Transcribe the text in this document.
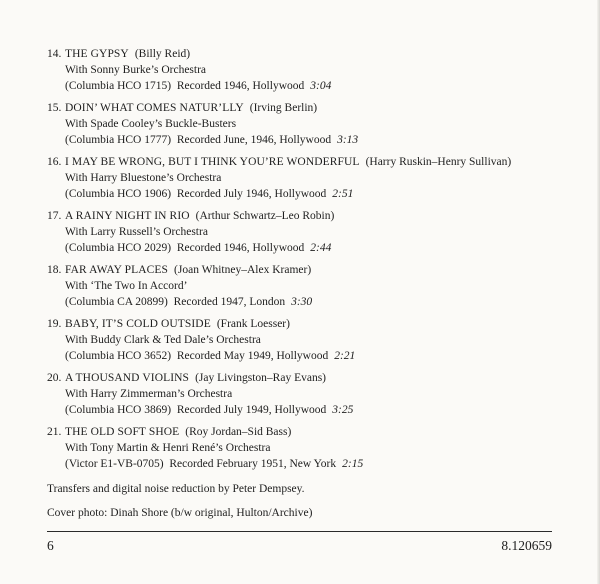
14. THE GYPSY (Billy Reid)
With Sonny Burke’s Orchestra
(Columbia HCO 1715) Recorded 1946, Hollywood 3:04
15. DOIN’ WHAT COMES NATUR’LLY (Irving Berlin)
With Spade Cooley’s Buckle-Busters
(Columbia HCO 1777) Recorded June, 1946, Hollywood 3:13
16. I MAY BE WRONG, BUT I THINK YOU’RE WONDERFUL (Harry Ruskin–Henry Sullivan)
With Harry Bluestone’s Orchestra
(Columbia HCO 1906) Recorded July 1946, Hollywood 2:51
17. A RAINY NIGHT IN RIO (Arthur Schwartz–Leo Robin)
With Larry Russell’s Orchestra
(Columbia HCO 2029) Recorded 1946, Hollywood 2:44
18. FAR AWAY PLACES (Joan Whitney–Alex Kramer)
With ‘The Two In Accord’
(Columbia CA 20899) Recorded 1947, London 3:30
19. BABY, IT’S COLD OUTSIDE (Frank Loesser)
With Buddy Clark & Ted Dale’s Orchestra
(Columbia HCO 3652) Recorded May 1949, Hollywood 2:21
20. A THOUSAND VIOLINS (Jay Livingston–Ray Evans)
With Harry Zimmerman’s Orchestra
(Columbia HCO 3869) Recorded July 1949, Hollywood 3:25
21. THE OLD SOFT SHOE (Roy Jordan–Sid Bass)
With Tony Martin & Henri René’s Orchestra
(Victor E1-VB-0705) Recorded February 1951, New York 2:15
Transfers and digital noise reduction by Peter Dempsey.
Cover photo: Dinah Shore (b/w original, Hulton/Archive)
6	8.120659
